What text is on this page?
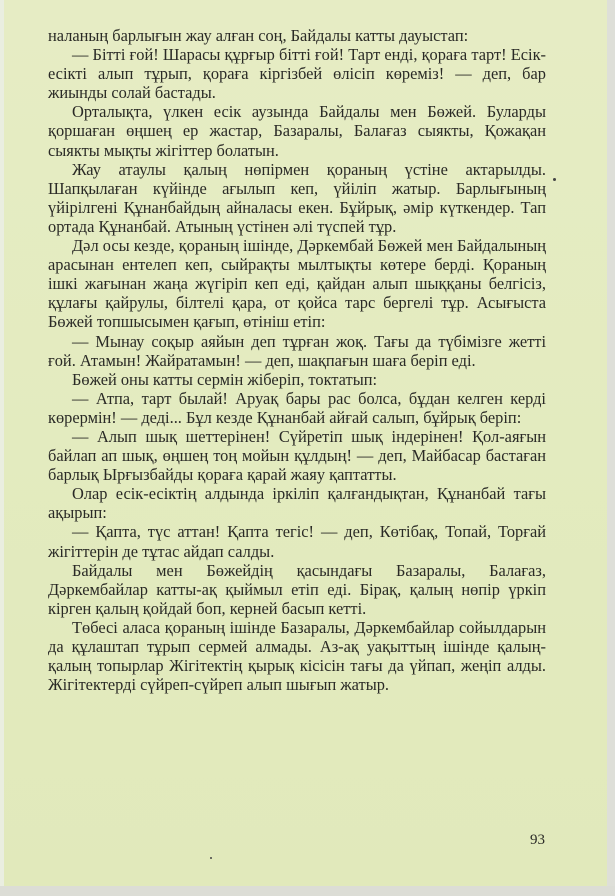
наланың барлығын жау алған соң, Байдалы катты дауыстап:

— Бітті ғой! Шарасы құрғыр бітті ғой! Тарт енді, қораға тарт! Есік-есікті алып тұрып, қораға кіргізбей өлісіп көреміз! — деп, бар жиынды солай бастады.

Орталықта, үлкен есік аузында Байдалы мен Бөжей. Буларды қоршаған өңшең ер жастар, Базаралы, Балағаз сыякты, Қожақан сыякты мықты жігіттер болатын.

Жау атаулы қалың нөпірмен қораның үстіне актарылды. Шапқылаған күйінде ағылып кеп, үйіліп жатыр. Барлығының үйірілгені Құнанбайдың айналасы екен. Бұйрық, әмір күткендер. Тап ортада Құнанбай. Атының үстінен әлі түспей тұр.

Дәл осы кезде, қораның ішінде, Дәркембай Бөжей мен Байдалының арасынан ентелеп кеп, сыйрақты мылтықты көтере берді. Қораның ішкі жағынан жаңа жүгіріп кеп еді, қайдан алып шыққаны белгісіз, құлағы қайрулы, білтелі қара, от қойса тарс бергелі тұр. Асығыста Бөжей топшысымен қағып, өтініш етіп:

— Мынау соқыр аяйын деп тұрған жоқ. Тағы да түбімізге жетті ғой. Атамын! Жайратамын! — деп, шақпағын шаға беріп еді.

Бөжей оны катты сермін жіберіп, токтатып:

— Атпа, тарт былай! Аруақ бары рас болса, бұдан келген керді көрермін! — деді... Бұл кезде Құнанбай айғай салып, бұйрық беріп:

— Алып шық шеттерінен! Сүйретіп шық індерінен! Қол-аяғын байлап ап шық, өңшең тоң мойын құлдың! — деп, Майбасар бастаған барлық Ырғызбайды қораға қарай жаяу қаптатты.

Олар есік-есіктің алдында іркіліп қалғандықтан, Құнанбай тағы ақырып:

— Қапта, түс аттан! Қапта тегіс! — деп, Көтібақ, Топай, Торғай жігіттерін де тұтас айдап салды.

Байдалы мен Бөжейдің қасындағы Базаралы, Балағаз, Дәркембайлар катты-ақ қыймыл етіп еді. Бірақ, қалың нөпір үркіп кірген қалың қойдай боп, керней басып кетті.

Төбесі аласа қораның ішінде Базаралы, Дәркембайлар сойылдарын да құлаштап тұрып сермей алмады. Аз-ақ уақыттың ішінде қалың-қалың топырлар Жігітектің қырық кісісін тағы да үйпап, жеңіп алды. Жігітектерді сүйреп-сүйреп алып шығып жатыр.

93
